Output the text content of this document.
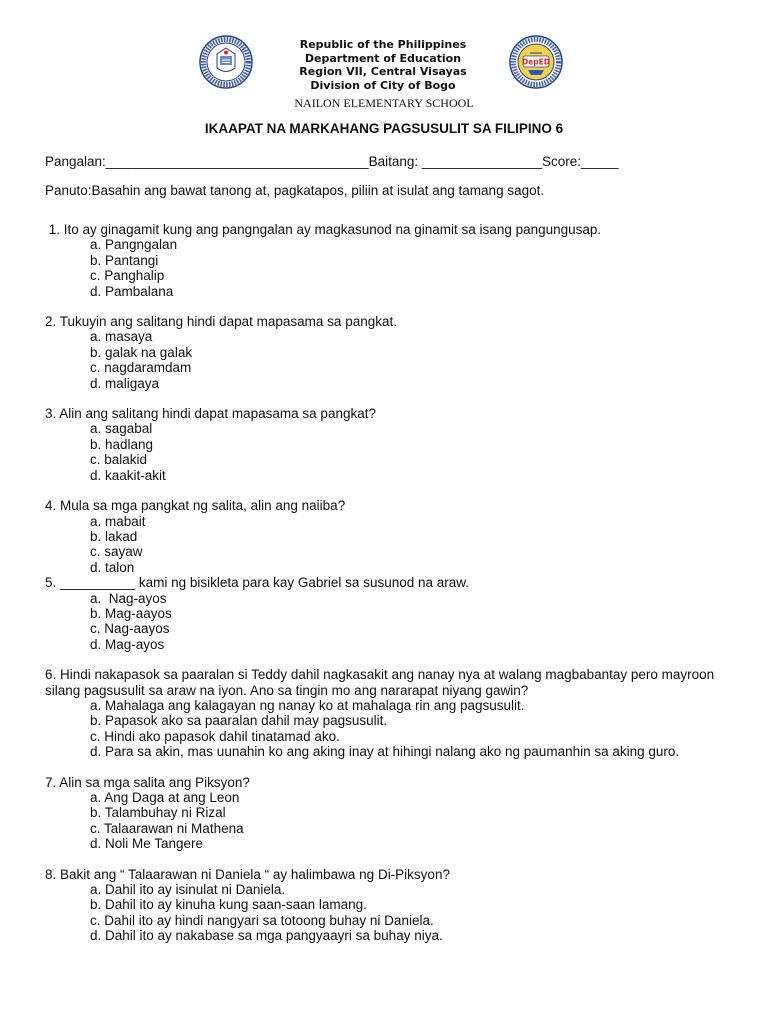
Republic of the Philippines
Department of Education
Region VII, Central Visayas
Division of City of Bogo
DepED
NAILON ELEMENTARY SCHOOL
IKAAPAT NA MARKAHANG PAGSUSULIT SA FILIPINO 6
Pangalan:___________________________________Baitang: ________________Score:_____
Panuto:Basahin ang bawat tanong at, pagkatapos, piliin at isulat ang tamang sagot.
1. Ito ay ginagamit kung ang pangngalan ay magkasunod na ginamit sa isang pangungusap.
a. Pangngalan
b. Pantangi
c. Panghalip
d. Pambalana
2. Tukuyin ang salitang hindi dapat mapasama sa pangkat.
a. masaya
b. galak na galak
c. nagdaramdam
d. maligaya
3. Alin ang salitang hindi dapat mapasama sa pangkat?
a. sagabal
b. hadlang
c. balakid
d. kaakit-akit
4. Mula sa mga pangkat ng salita, alin ang naiiba?
a. mabait
b. lakad
c. sayaw
d. talon
5. __________ kami ng bisikleta para kay Gabriel sa susunod na araw.
a.  Nag-ayos
b. Mag-aayos
c. Nag-aayos
d. Mag-ayos
6. Hindi nakapasok sa paaralan si Teddy dahil nagkasakit ang nanay nya at walang magbabantay pero mayroon silang pagsusulit sa araw na iyon. Ano sa tingin mo ang nararapat niyang gawin?
a. Mahalaga ang kalagayan ng nanay ko at mahalaga rin ang pagsusulit.
b. Papasok ako sa paaralan dahil may pagsusulit.
c. Hindi ako papasok dahil tinatamad ako.
d. Para sa akin, mas uunahin ko ang aking inay at hihingi nalang ako ng paumanhin sa aking guro.
7. Alin sa mga salita ang Piksyon?
a. Ang Daga at ang Leon
b. Talambuhay ni Rizal
c. Talaarawan ni Mathena
d. Noli Me Tangere
8. Bakit ang “ Talaarawan ni Daniela “ ay halimbawa ng Di-Piksyon?
a. Dahil ito ay isinulat ni Daniela.
b. Dahil ito ay kinuha kung saan-saan lamang.
c. Dahil ito ay hindi nangyari sa totoong buhay ni Daniela.
d. Dahil ito ay nakabase sa mga pangyaayri sa buhay niya.
